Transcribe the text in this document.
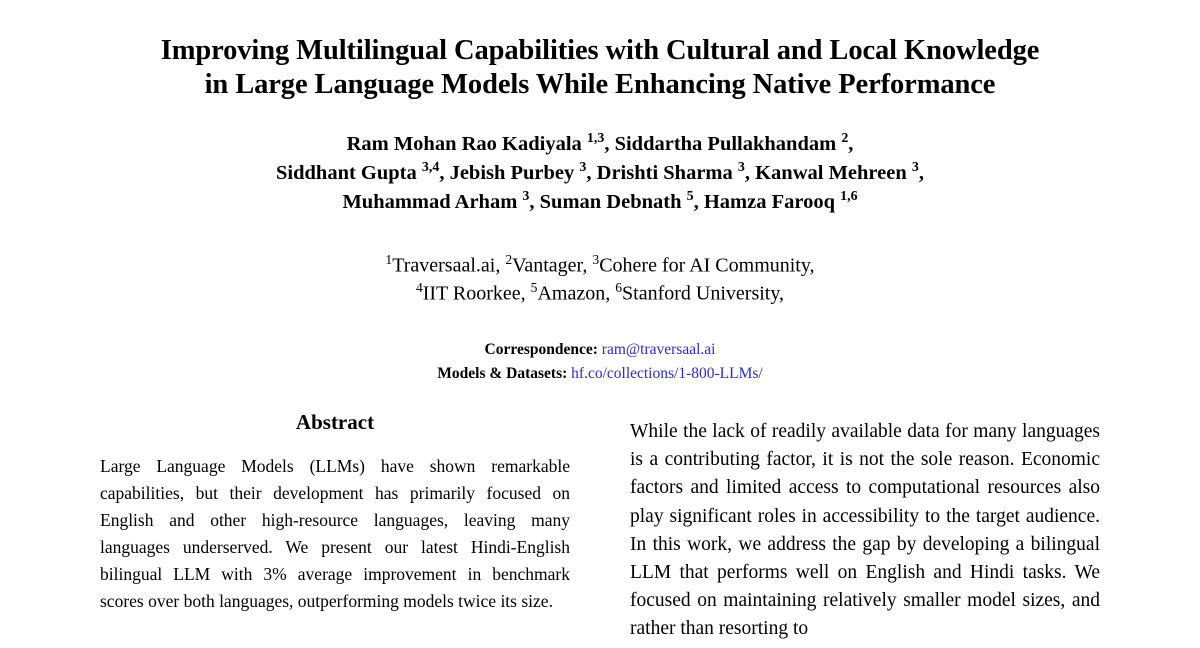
Improving Multilingual Capabilities with Cultural and Local Knowledge
in Large Language Models While Enhancing Native Performance
Ram Mohan Rao Kadiyala $^{1,3}$, Siddartha Pullakhandam $^2$,
Siddhant Gupta $^{3,4}$, Jebish Purbey $^3$, Drishti Sharma $^3$, Kanwal Mehreen $^3$,
Muhammad Arham $^3$, Suman Debnath $^5$, Hamza Farooq $^{1,6}$
$^1$Traversaal.ai, $^2$Vantager, $^3$Cohere for AI Community,
$^4$IIT Roorkee, $^5$Amazon, $^6$Stanford University,
Correspondence: ram@traversaal.ai
Models & Datasets: hf.co/collections/1-800-LLMs/
Abstract
Large Language Models (LLMs) have shown remarkable capabilities, but their development has primarily focused on English and other high-resource languages, leaving many languages underserved. We present our latest Hindi-English bilingual LLM with 3% average improvement in benchmark scores over both languages, outperforming models twice its size.
While the lack of readily available data for many languages is a contributing factor, it is not the sole reason. Economic factors and limited access to computational resources also play significant roles in accessibility to the target audience. In this work, we address the gap by developing a bilingual LLM that performs well on English and Hindi tasks. We focused on maintaining relatively smaller model sizes, and rather than resorting to
